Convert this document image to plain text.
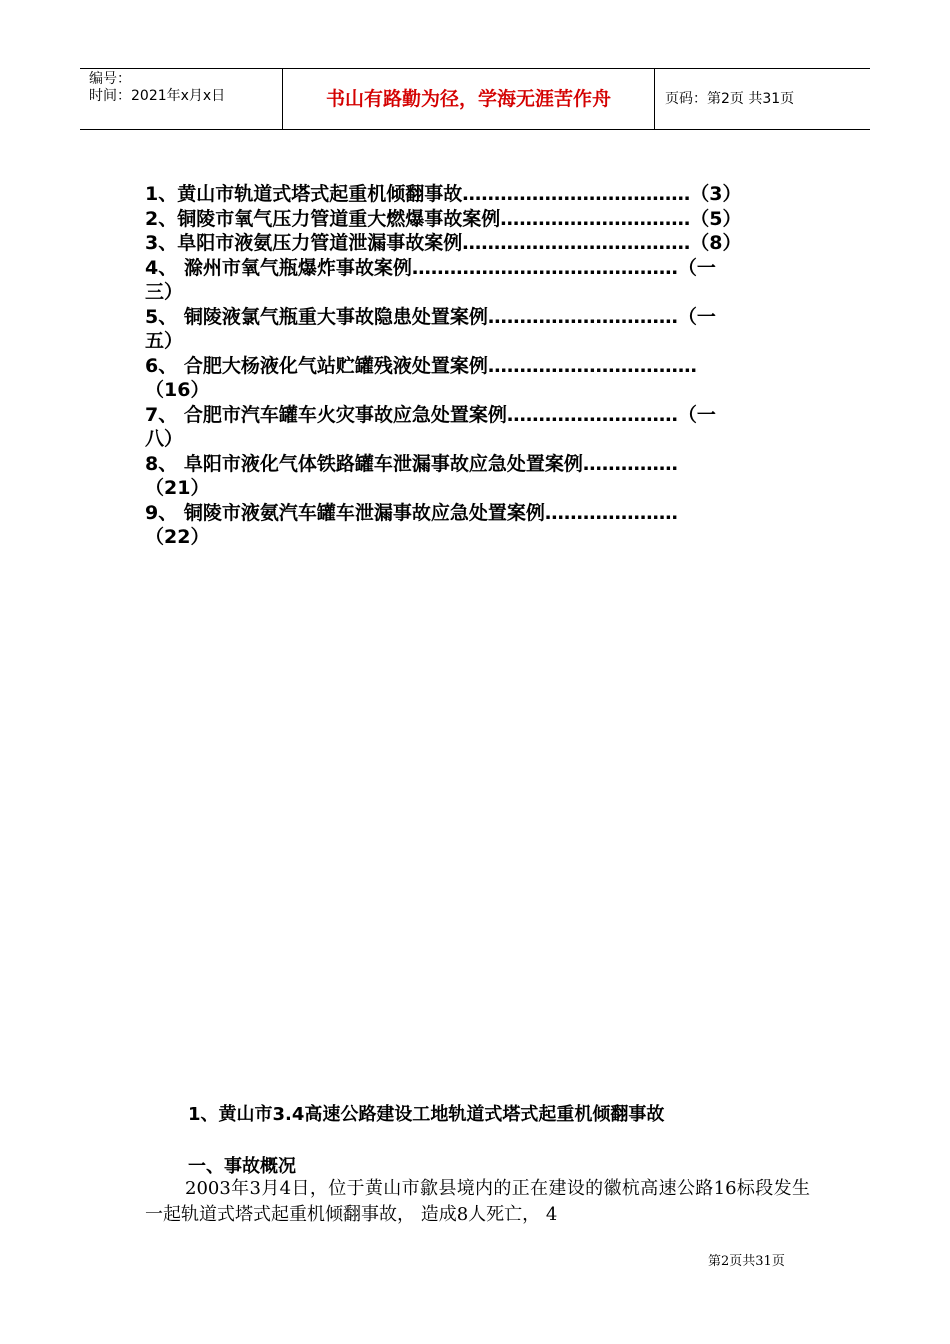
编号：
时间：2021年x月x日	书山有路勤为径，学海无涯苦作舟	页码：第2页 共31页
1、黄山市轨道式塔式起重机倾翻事故………………………………（3）
2、铜陵市氧气压力管道重大燃爆事故案例…………………………（5）
3、阜阳市液氨压力管道泄漏事故案例………………………………（8）
4、 滁州市氧气瓶爆炸事故案例……………………………………（一
三）
5、 铜陵液氯气瓶重大事故隐患处置案例…………………………（一
五）
6、 合肥大杨液化气站贮罐残液处置案例……………………………
（16）
7、 合肥市汽车罐车火灾事故应急处置案例………………………（一
八）
8、 阜阳市液化气体铁路罐车泄漏事故应急处置案例……………
（21）
9、 铜陵市液氨汽车罐车泄漏事故应急处置案例…………………
（22）
1、黄山市3.4高速公路建设工地轨道式塔式起重机倾翻事故
一、事故概况
2003年3月4日，位于黄山市歙县境内的正在建设的徽杭高速公路16标段发生一起轨道式塔式起重机倾翻事故， 造成8人死亡， 4
第2页共31页
